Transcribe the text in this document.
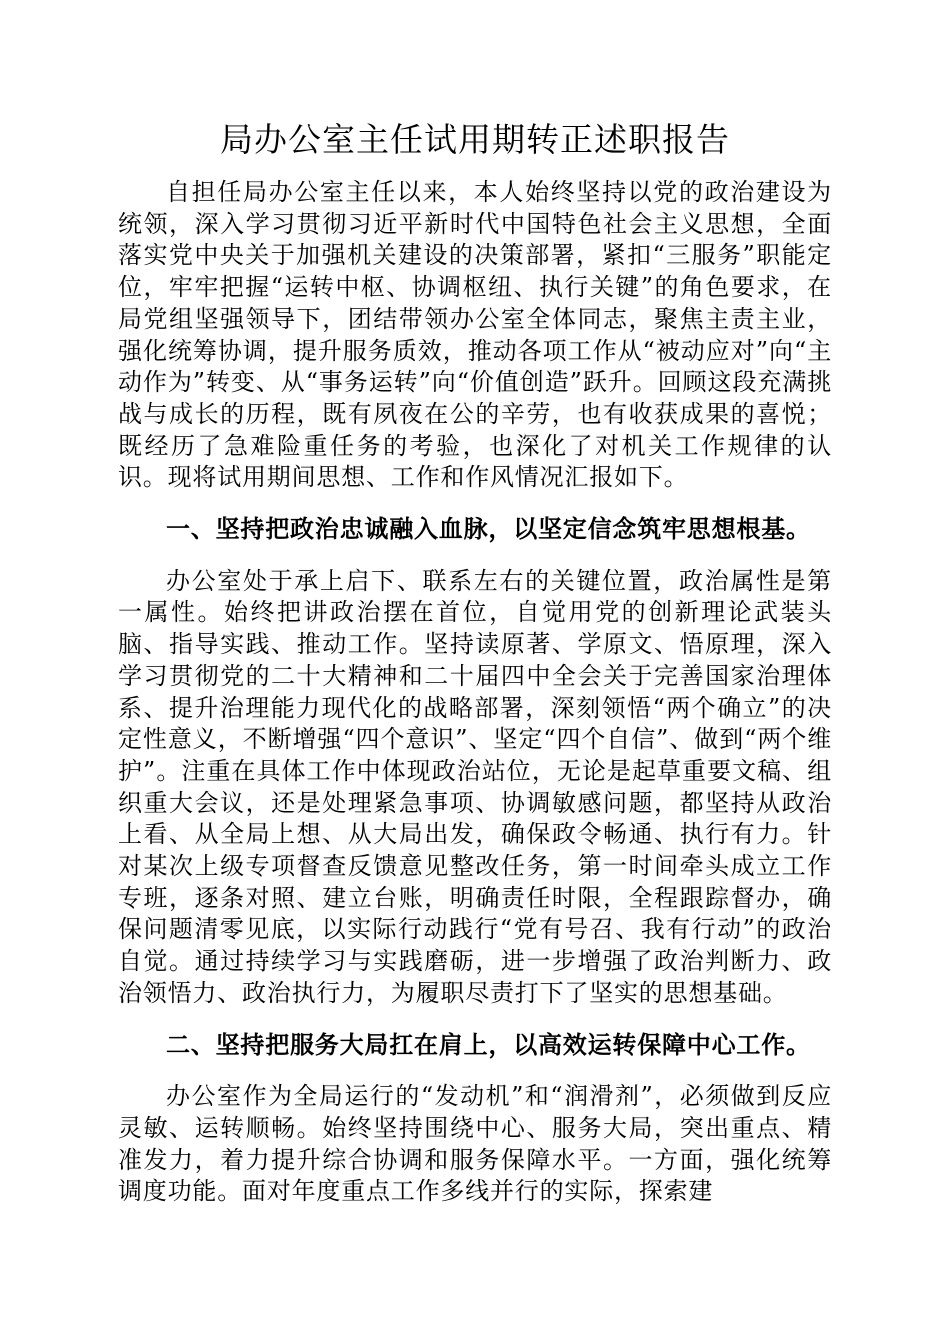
局办公室主任试用期转正述职报告

自担任局办公室主任以来，本人始终坚持以党的政治建设为统领，深入学习贯彻习近平新时代中国特色社会主义思想，全面落实党中央关于加强机关建设的决策部署，紧扣“三服务”职能定位，牢牢把握“运转中枢、协调枢纽、执行关键”的角色要求，在局党组坚强领导下，团结带领办公室全体同志，聚焦主责主业，强化统筹协调，提升服务质效，推动各项工作从“被动应对”向“主动作为”转变、从“事务运转”向“价值创造”跃升。回顾这段充满挑战与成长的历程，既有夙夜在公的辛劳，也有收获成果的喜悦；既经历了急难险重任务的考验，也深化了对机关工作规律的认识。现将试用期间思想、工作和作风情况汇报如下。

一、坚持把政治忠诚融入血脉，以坚定信念筑牢思想根基。

办公室处于承上启下、联系左右的关键位置，政治属性是第一属性。始终把讲政治摆在首位，自觉用党的创新理论武装头脑、指导实践、推动工作。坚持读原著、学原文、悟原理，深入学习贯彻党的二十大精神和二十届四中全会关于完善国家治理体系、提升治理能力现代化的战略部署，深刻领悟“两个确立”的决定性意义，不断增强“四个意识”、坚定“四个自信”、做到“两个维护”。注重在具体工作中体现政治站位，无论是起草重要文稿、组织重大会议，还是处理紧急事项、协调敏感问题，都坚持从政治上看、从全局上想、从大局出发，确保政令畅通、执行有力。针对某次上级专项督查反馈意见整改任务，第一时间牵头成立工作专班，逐条对照、建立台账，明确责任时限，全程跟踪督办，确保问题清零见底，以实际行动践行“党有号召、我有行动”的政治自觉。通过持续学习与实践磨砺，进一步增强了政治判断力、政治领悟力、政治执行力，为履职尽责打下了坚实的思想基础。

二、坚持把服务大局扛在肩上，以高效运转保障中心工作。

办公室作为全局运行的“发动机”和“润滑剂”，必须做到反应灵敏、运转顺畅。始终坚持围绕中心、服务大局，突出重点、精准发力，着力提升综合协调和服务保障水平。一方面，强化统筹调度功能。面对年度重点工作多线并行的实际，探索建
